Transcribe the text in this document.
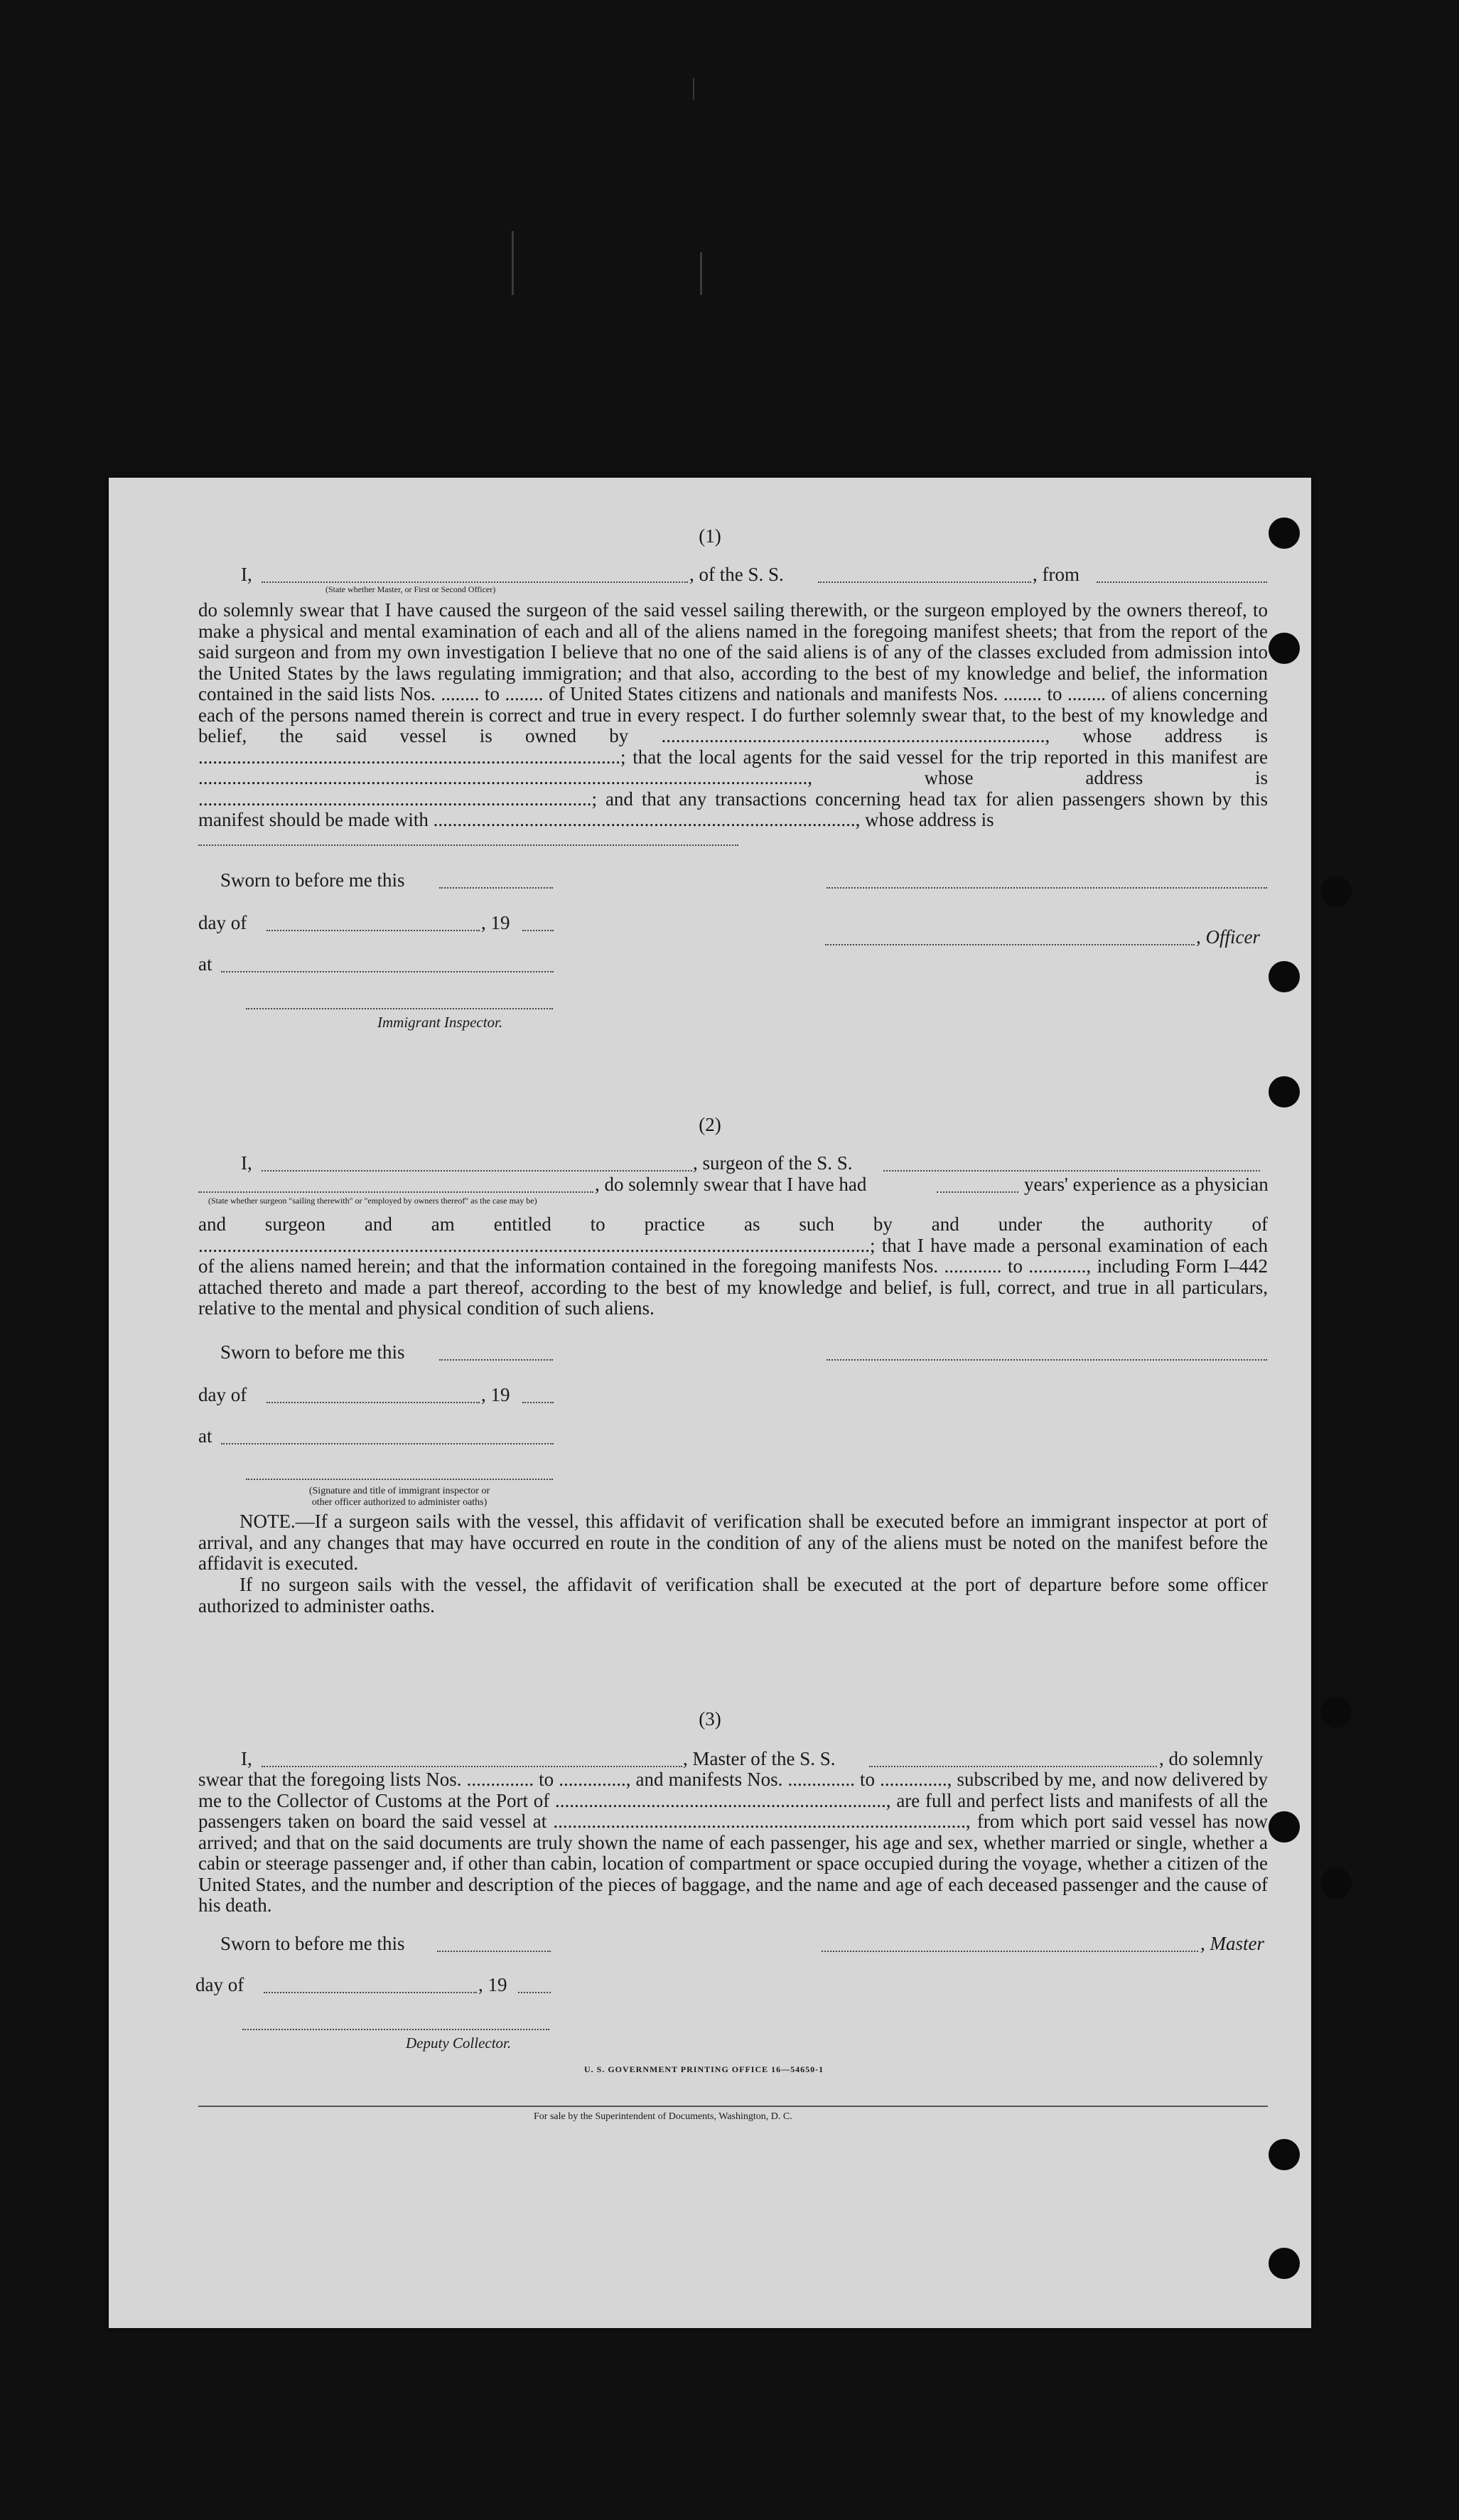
(1)
I,
(State whether Master, or First or Second Officer)
, of the S. S.	, from
do solemnly swear that I have caused the surgeon of the said vessel sailing therewith, or the surgeon employed by the owners thereof, to make a physical and mental examination of each and all of the aliens named in the foregoing manifest sheets; that from the report of the said surgeon and from my own investigation I believe that no one of the said aliens is of any of the classes excluded from admission into the United States by the laws regulating immigration; and that also, according to the best of my knowledge and belief, the information contained in the said lists Nos. ........ to ........ of United States citizens and nationals and manifests Nos. ........ to ........ of aliens concerning each of the persons named therein is correct and true in every respect. I do further solemnly swear that, to the best of my knowledge and belief, the said vessel is owned by ................................................................................, whose address is ........................................................................................; that the local agents for the said vessel for the trip reported in this manifest are ..............................................................................................................................., whose address is ..................................................................................; and that any transactions concerning head tax for alien passengers shown by this manifest should be made with ........................................................................................, whose address is
Sworn to before me this
day of	, 19
, Officer
at
Immigrant Inspector.
(2)
I,	, surgeon of the S. S.
, do solemnly swear that I have had	years' experience as a physician
(State whether surgeon "sailing therewith" or "employed by owners thereof" as the case may be)
and surgeon and am entitled to practice as such by and under the authority of ............................................................................................................................................; that I have made a personal examination of each of the aliens named herein; and that the information contained in the foregoing manifests Nos. ............ to ............, including Form I–442 attached thereto and made a part thereof, according to the best of my knowledge and belief, is full, correct, and true in all particulars, relative to the mental and physical condition of such aliens.
Sworn to before me this
day of	, 19
at
(Signature and title of immigrant inspector or
other officer authorized to administer oaths)
NOTE.—If a surgeon sails with the vessel, this affidavit of verification shall be executed before an immigrant inspector at port of arrival, and any changes that may have occurred en route in the condition of any of the aliens must be noted on the manifest before the affidavit is executed.
If no surgeon sails with the vessel, the affidavit of verification shall be executed at the port of departure before some officer authorized to administer oaths.
(3)
I,	, Master of the S. S.	, do solemnly
swear that the foregoing lists Nos. .............. to .............., and manifests Nos. .............. to .............., subscribed by me, and now delivered by me to the Collector of Customs at the Port of ....................................................................., are full and perfect lists and manifests of all the passengers taken on board the said vessel at ......................................................................................, from which port said vessel has now arrived; and that on the said documents are truly shown the name of each passenger, his age and sex, whether married or single, whether a cabin or steerage passenger and, if other than cabin, location of compartment or space occupied during the voyage, whether a citizen of the United States, and the number and description of the pieces of baggage, and the name and age of each deceased passenger and the cause of his death.
Sworn to before me this	, Master
day of	, 19
Deputy Collector.
U. S. GOVERNMENT PRINTING OFFICE 16—54650-1
For sale by the Superintendent of Documents, Washington, D. C.
